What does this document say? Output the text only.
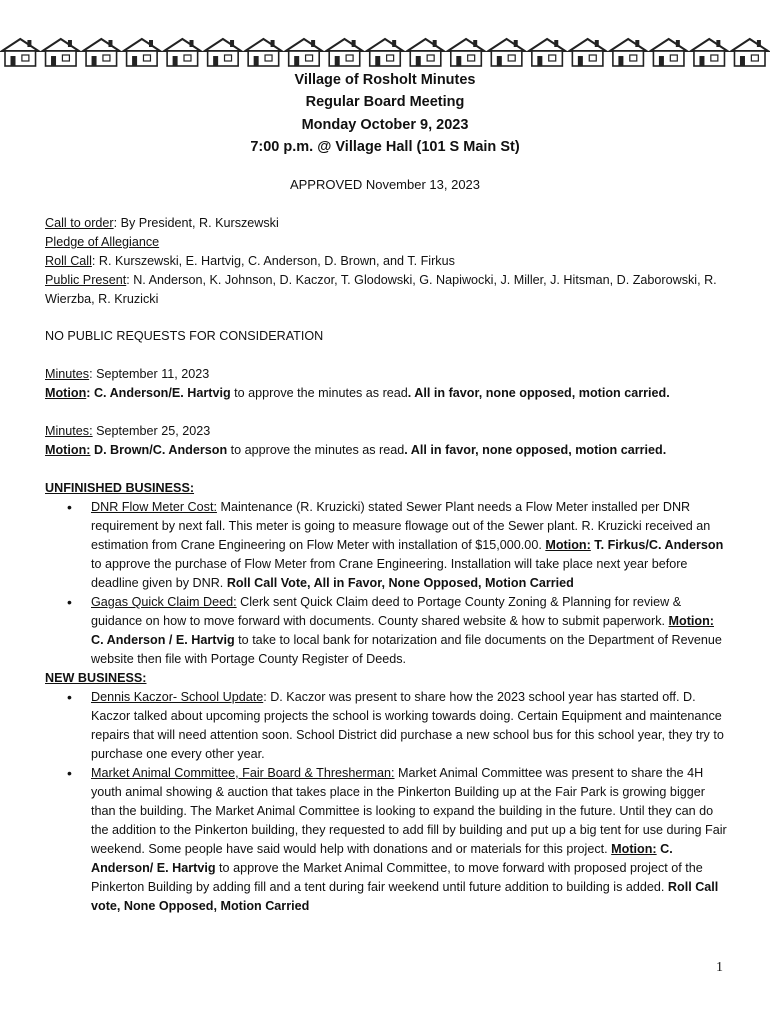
Village of Rosholt Minutes
Regular Board Meeting
Monday October 9, 2023
7:00 p.m. @ Village Hall (101 S Main St)
APPROVED November 13, 2023

Call to order: By President, R. Kurszewski

Pledge of Allegiance

Roll Call: R. Kurszewski, E. Hartvig, C. Anderson, D. Brown, and T. Firkus

Public Present: N. Anderson, K. Johnson, D. Kaczor, T. Glodowski, G. Napiwocki, J. Miller, J. Hitsman, D. Zaborowski, R. Wierzba, R. Kruzicki

NO PUBLIC REQUESTS FOR CONSIDERATION

Minutes: September 11, 2023

Motion: C. Anderson/E. Hartvig to approve the minutes as read. All in favor, none opposed, motion carried.

Minutes: September 25, 2023

Motion: D. Brown/C. Anderson to approve the minutes as read. All in favor, none opposed, motion carried.

UNFINISHED BUSINESS:

• DNR Flow Meter Cost: Maintenance (R. Kruzicki) stated Sewer Plant needs a Flow Meter installed per DNR requirement by next fall. This meter is going to measure flowage out of the Sewer plant. R. Kruzicki received an estimation from Crane Engineering on Flow Meter with installation of $15,000.00. Motion: T. Firkus/C. Anderson to approve the purchase of Flow Meter from Crane Engineering. Installation will take place next year before deadline given by DNR. Roll Call Vote, All in Favor, None Opposed, Motion Carried
• Gagas Quick Claim Deed: Clerk sent Quick Claim deed to Portage County Zoning & Planning for review & guidance on how to move forward with documents. County shared website & how to submit paperwork. Motion: C. Anderson / E. Hartvig to take to local bank for notarization and file documents on the Department of Revenue website then file with Portage County Register of Deeds.

NEW BUSINESS:

• Dennis Kaczor- School Update: D. Kaczor was present to share how the 2023 school year has started off. D. Kaczor talked about upcoming projects the school is working towards doing. Certain Equipment and maintenance repairs that will need attention soon. School District did purchase a new school bus for this school year, they try to purchase one every other year.
• Market Animal Committee, Fair Board & Thresherman: Market Animal Committee was present to share the 4H youth animal showing & auction that takes place in the Pinkerton Building up at the Fair Park is growing bigger than the building. The Market Animal Committee is looking to expand the building in the future. Until they can do the addition to the Pinkerton building, they requested to add fill by building and put up a big tent for use during Fair weekend. Some people have said would help with donations and or materials for this project. Motion: C. Anderson/ E. Hartvig to approve the Market Animal Committee, to move forward with proposed project of the Pinkerton Building by adding fill and a tent during fair weekend until future addition to building is added. Roll Call vote, None Opposed, Motion Carried
1
